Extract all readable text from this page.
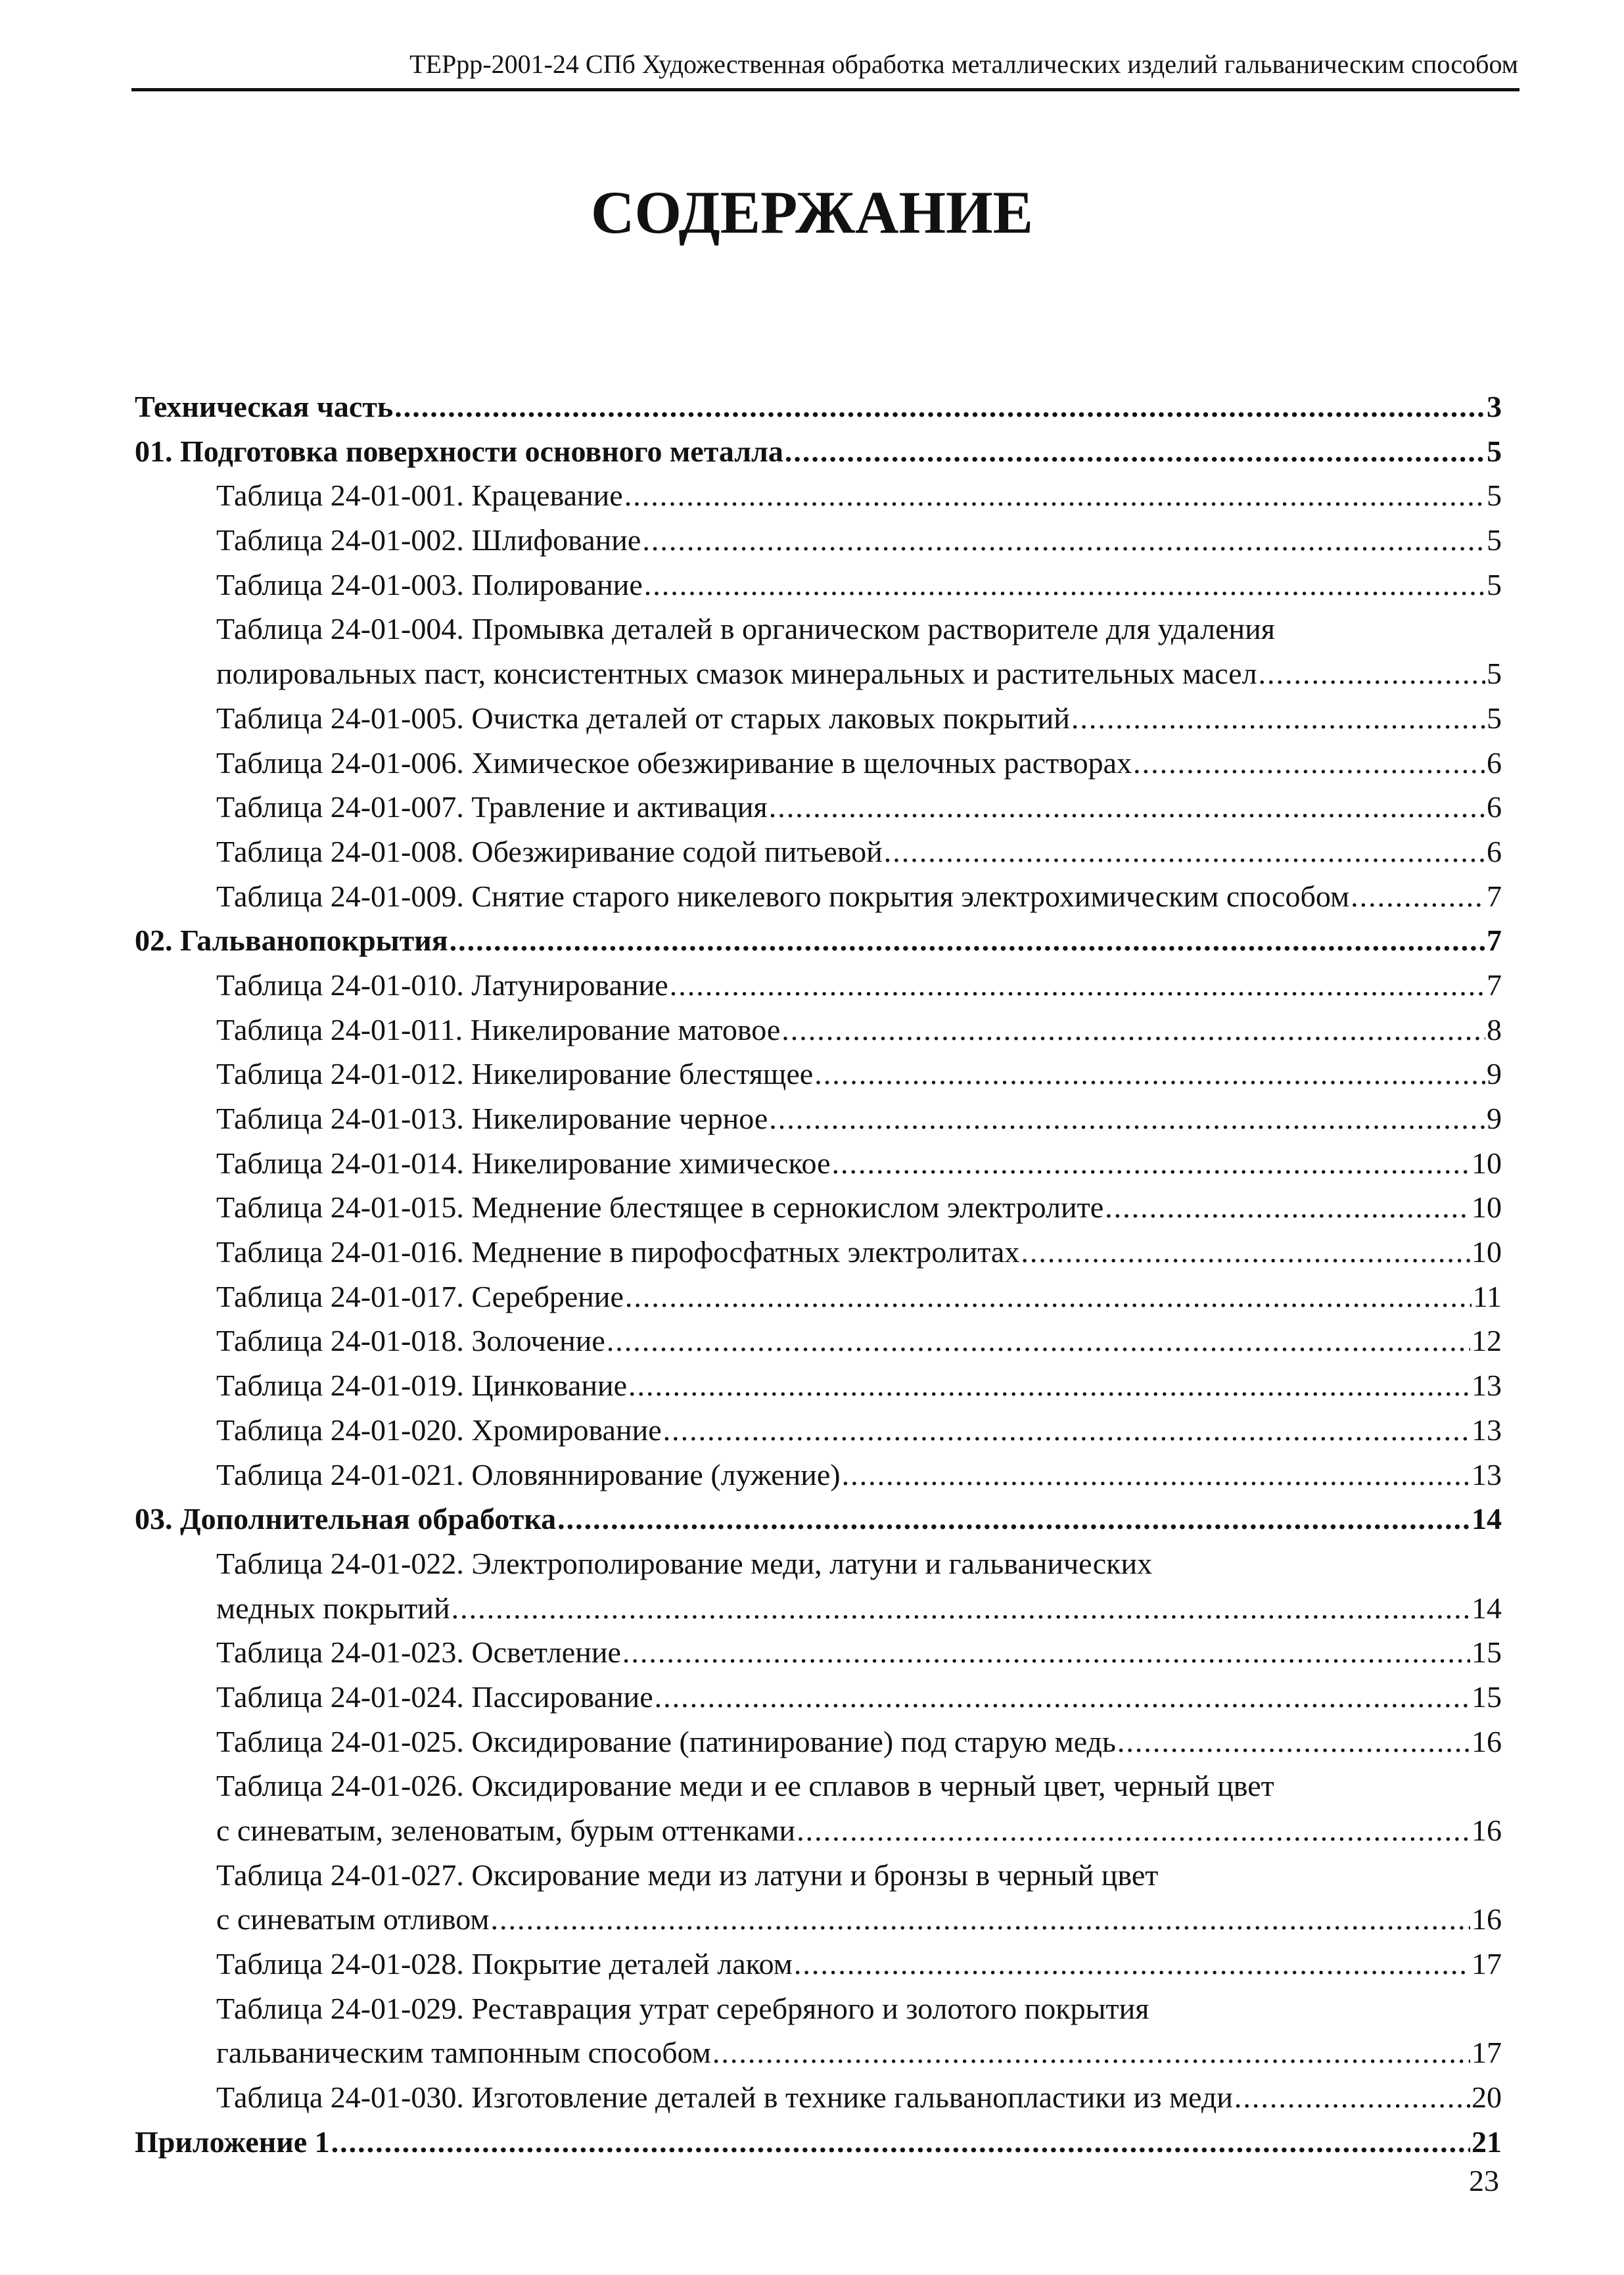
ТЕРрр-2001-24 СПб Художественная обработка металлических изделий гальваническим способом
СОДЕРЖАНИЕ
Техническая часть .....	3
01. Подготовка поверхности основного металла .....	5
Таблица 24-01-001. Крацевание .....	5
Таблица 24-01-002. Шлифование .....	5
Таблица 24-01-003. Полирование .....	5
Таблица 24-01-004. Промывка деталей в органическом растворителе для удаления
полировальных паст, консистентных смазок минеральных и растительных масел .....	5
Таблица 24-01-005. Очистка деталей от старых лаковых покрытий .....	5
Таблица 24-01-006. Химическое обезжиривание в щелочных растворах .....	6
Таблица 24-01-007. Травление и активация .....	6
Таблица 24-01-008. Обезжиривание содой питьевой .....	6
Таблица 24-01-009. Снятие старого никелевого покрытия электрохимическим способом .....	7
02. Гальванопокрытия .....	7
Таблица 24-01-010. Латунирование .....	7
Таблица 24-01-011. Никелирование матовое .....	8
Таблица 24-01-012. Никелирование блестящее .....	9
Таблица 24-01-013. Никелирование черное .....	9
Таблица 24-01-014. Никелирование химическое .....	10
Таблица 24-01-015. Меднение блестящее в сернокислом электролите .....	10
Таблица 24-01-016. Меднение в пирофосфатных электролитах .....	10
Таблица 24-01-017. Серебрение .....	11
Таблица 24-01-018. Золочение .....	12
Таблица 24-01-019. Цинкование .....	13
Таблица 24-01-020. Хромирование .....	13
Таблица 24-01-021. Оловяннирование (лужение) .....	13
03. Дополнительная обработка .....	14
Таблица 24-01-022. Электрополирование меди, латуни и гальванических
медных покрытий .....	14
Таблица 24-01-023. Осветление .....	15
Таблица 24-01-024. Пассирование .....	15
Таблица 24-01-025. Оксидирование (патинирование) под старую медь .....	16
Таблица 24-01-026. Оксидирование меди и ее сплавов в черный цвет, черный цвет
с синеватым, зеленоватым, бурым оттенками .....	16
Таблица 24-01-027. Оксирование меди из латуни и бронзы в черный цвет
с синеватым отливом .....	16
Таблица 24-01-028. Покрытие деталей лаком .....	17
Таблица 24-01-029. Реставрация утрат серебряного и золотого покрытия
гальваническим тампонным способом .....	17
Таблица 24-01-030. Изготовление деталей в технике гальванопластики из меди .....	20
Приложение 1 .....	21
23
